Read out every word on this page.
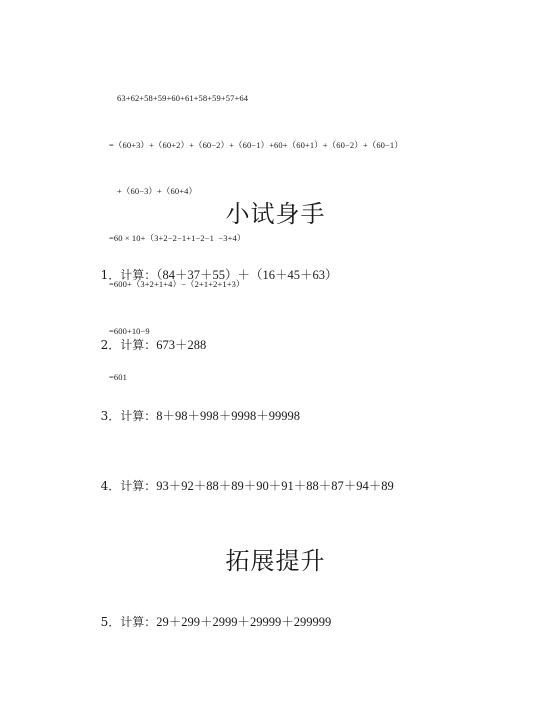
63+62+58+59+60+61+58+59+57+64

=（60+3）+（60+2）+（60−2）+（60−1）+60+（60+1）+（60−2）+（60−1）

+（60−3）+（60+4）

=60 × 10+（3+2−2−1+1−2−1  −3+4）

=600+（3+2+1+4）−（2+1+2+1+3）

=600+10−9

=601

小试身手

1．计算：（84＋37＋55）＋（16＋45＋63）

2．计算：673＋288

3．计算：8＋98＋998＋9998＋99998

4．计算：93＋92＋88＋89＋90＋91＋88＋87＋94＋89

拓展提升

5．计算：29＋299＋2999＋29999＋299999
